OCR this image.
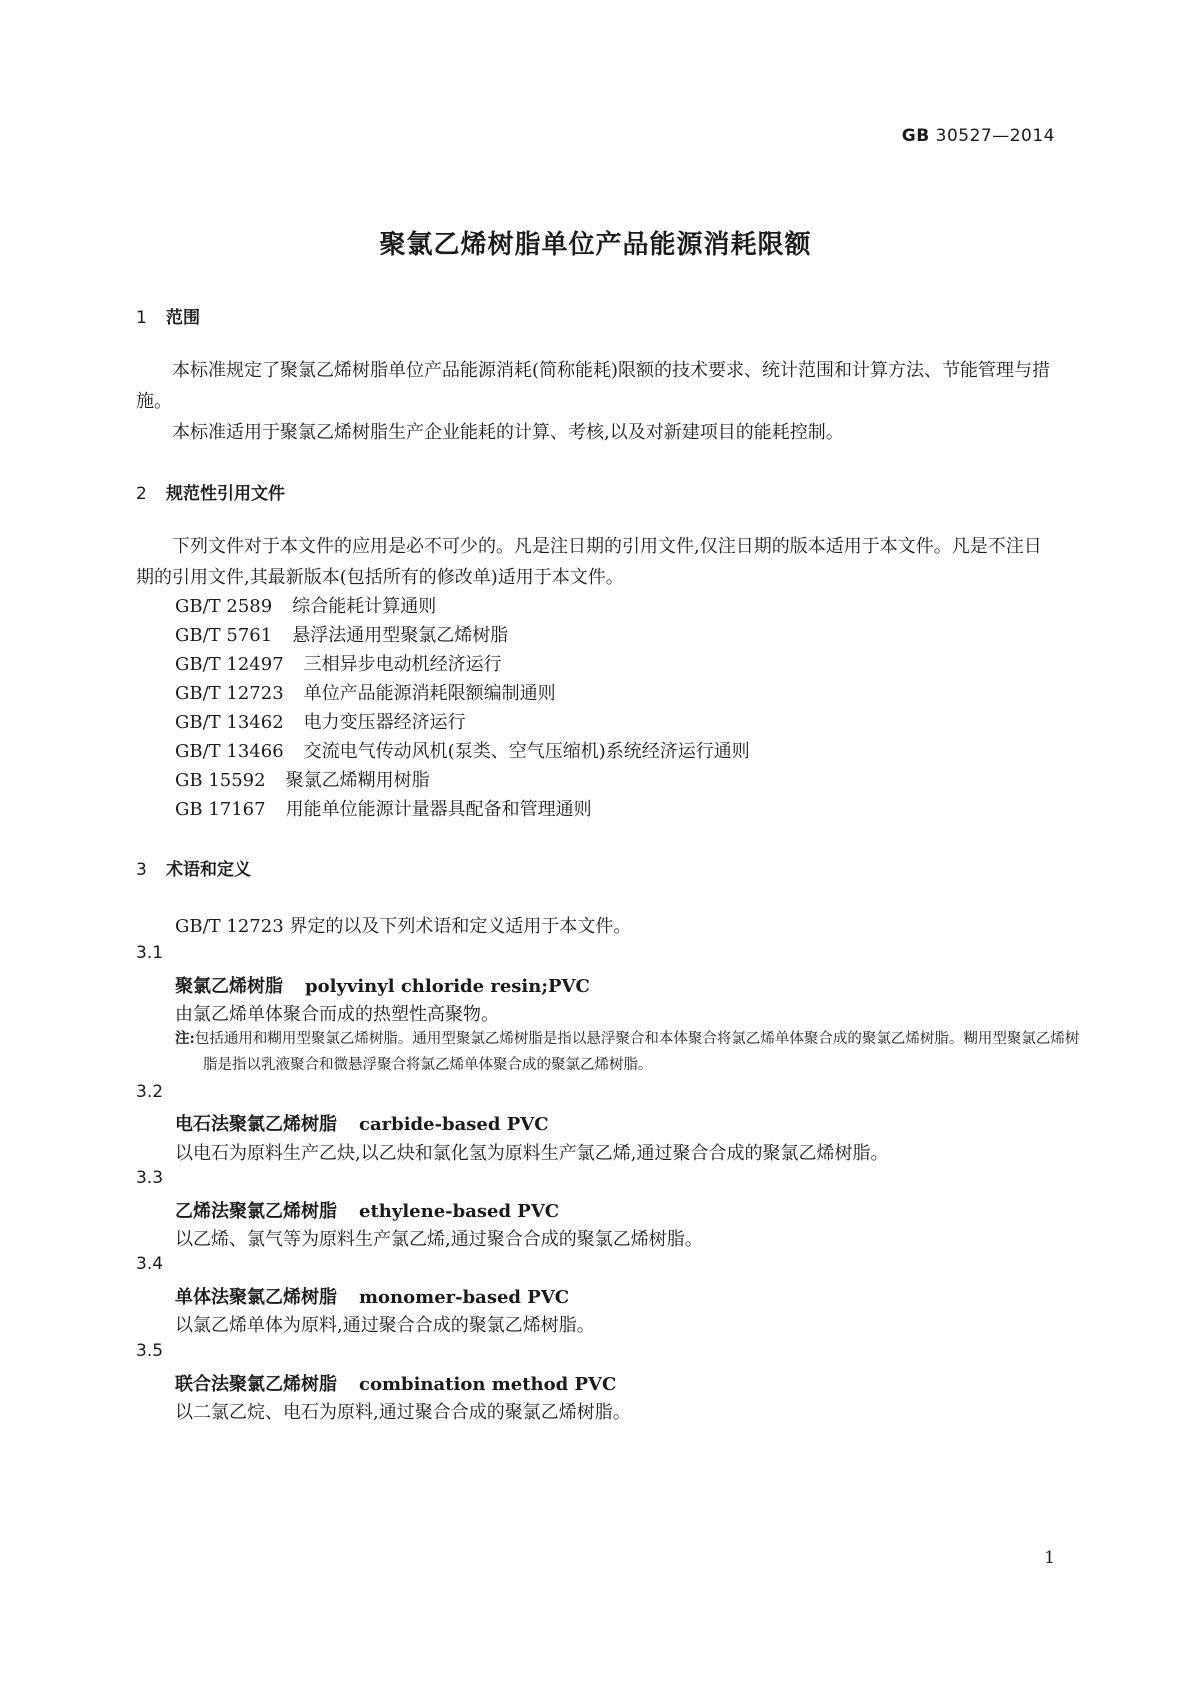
GB 30527—2014
聚氯乙烯树脂单位产品能源消耗限额
1 范围
本标准规定了聚氯乙烯树脂单位产品能源消耗(简称能耗)限额的技术要求、统计范围和计算方法、节能管理与措施。
本标准适用于聚氯乙烯树脂生产企业能耗的计算、考核,以及对新建项目的能耗控制。
2 规范性引用文件
下列文件对于本文件的应用是必不可少的。凡是注日期的引用文件,仅注日期的版本适用于本文件。凡是不注日期的引用文件,其最新版本(包括所有的修改单)适用于本文件。
GB/T 2589 综合能耗计算通则
GB/T 5761 悬浮法通用型聚氯乙烯树脂
GB/T 12497 三相异步电动机经济运行
GB/T 12723 单位产品能源消耗限额编制通则
GB/T 13462 电力变压器经济运行
GB/T 13466 交流电气传动风机(泵类、空气压缩机)系统经济运行通则
GB 15592 聚氯乙烯糊用树脂
GB 17167 用能单位能源计量器具配备和管理通则
3 术语和定义
GB/T 12723 界定的以及下列术语和定义适用于本文件。
3.1
聚氯乙烯树脂 polyvinyl chloride resin;PVC
由氯乙烯单体聚合而成的热塑性高聚物。
注:包括通用和糊用型聚氯乙烯树脂。通用型聚氯乙烯树脂是指以悬浮聚合和本体聚合将氯乙烯单体聚合成的聚氯乙烯树脂。糊用型聚氯乙烯树脂是指以乳液聚合和微悬浮聚合将氯乙烯单体聚合成的聚氯乙烯树脂。
3.2
电石法聚氯乙烯树脂 carbide-based PVC
以电石为原料生产乙炔,以乙炔和氯化氢为原料生产氯乙烯,通过聚合合成的聚氯乙烯树脂。
3.3
乙烯法聚氯乙烯树脂 ethylene-based PVC
以乙烯、氯气等为原料生产氯乙烯,通过聚合合成的聚氯乙烯树脂。
3.4
单体法聚氯乙烯树脂 monomer-based PVC
以氯乙烯单体为原料,通过聚合合成的聚氯乙烯树脂。
3.5
联合法聚氯乙烯树脂 combination method PVC
以二氯乙烷、电石为原料,通过聚合合成的聚氯乙烯树脂。
1
